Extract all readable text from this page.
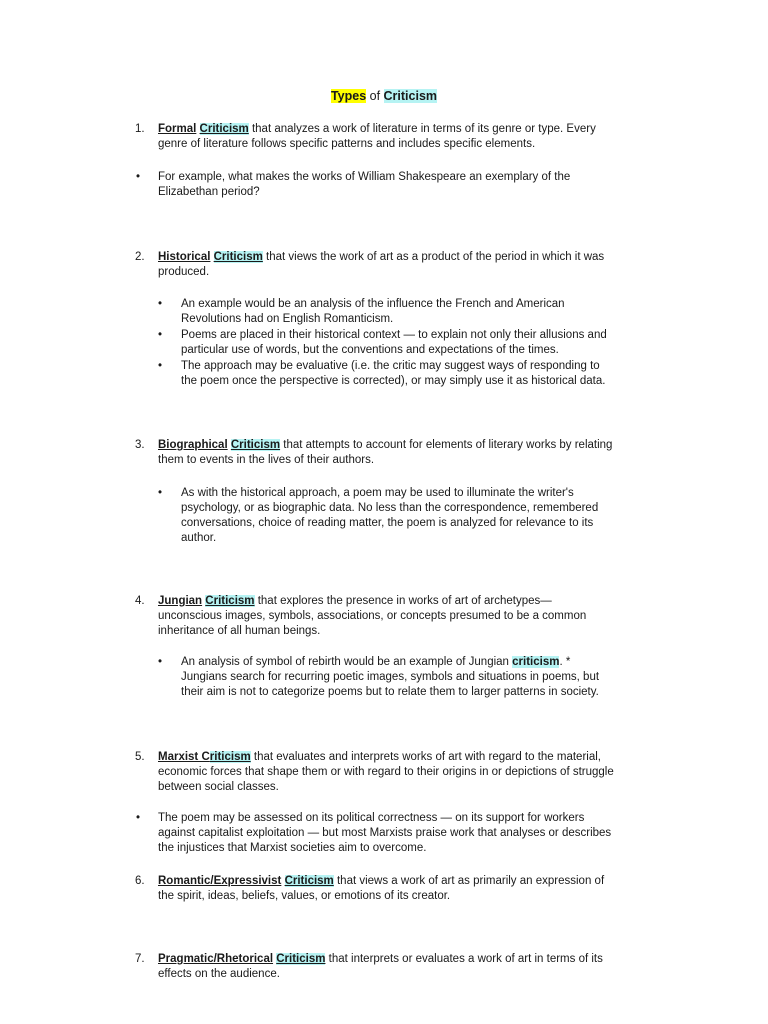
Types of Criticism
1. Formal Criticism that analyzes a work of literature in terms of its genre or type. Every
genre of literature follows specific patterns and includes specific elements.
• For example, what makes the works of William Shakespeare an exemplary of the
Elizabethan period?
2. Historical Criticism that views the work of art as a product of the period in which it was
produced.
• An example would be an analysis of the influence the French and American
Revolutions had on English Romanticism.
• Poems are placed in their historical context — to explain not only their allusions and
particular use of words, but the conventions and expectations of the times.
• The approach may be evaluative (i.e. the critic may suggest ways of responding to
the poem once the perspective is corrected), or may simply use it as historical data.
3. Biographical Criticism that attempts to account for elements of literary works by relating
them to events in the lives of their authors.
• As with the historical approach, a poem may be used to illuminate the writer's
psychology, or as biographic data. No less than the correspondence, remembered
conversations, choice of reading matter, the poem is analyzed for relevance to its
author.
4. Jungian Criticism that explores the presence in works of art of archetypes—
unconscious images, symbols, associations, or concepts presumed to be a common
inheritance of all human beings.
• An analysis of symbol of rebirth would be an example of Jungian criticism. *
Jungians search for recurring poetic images, symbols and situations in poems, but
their aim is not to categorize poems but to relate them to larger patterns in society.
5. Marxist Criticism that evaluates and interprets works of art with regard to the material,
economic forces that shape them or with regard to their origins in or depictions of struggle
between social classes.
• The poem may be assessed on its political correctness — on its support for workers
against capitalist exploitation — but most Marxists praise work that analyses or describes
the injustices that Marxist societies aim to overcome.
6. Romantic/Expressivist Criticism that views a work of art as primarily an expression of
the spirit, ideas, beliefs, values, or emotions of its creator.
7. Pragmatic/Rhetorical Criticism that interprets or evaluates a work of art in terms of its
effects on the audience.
